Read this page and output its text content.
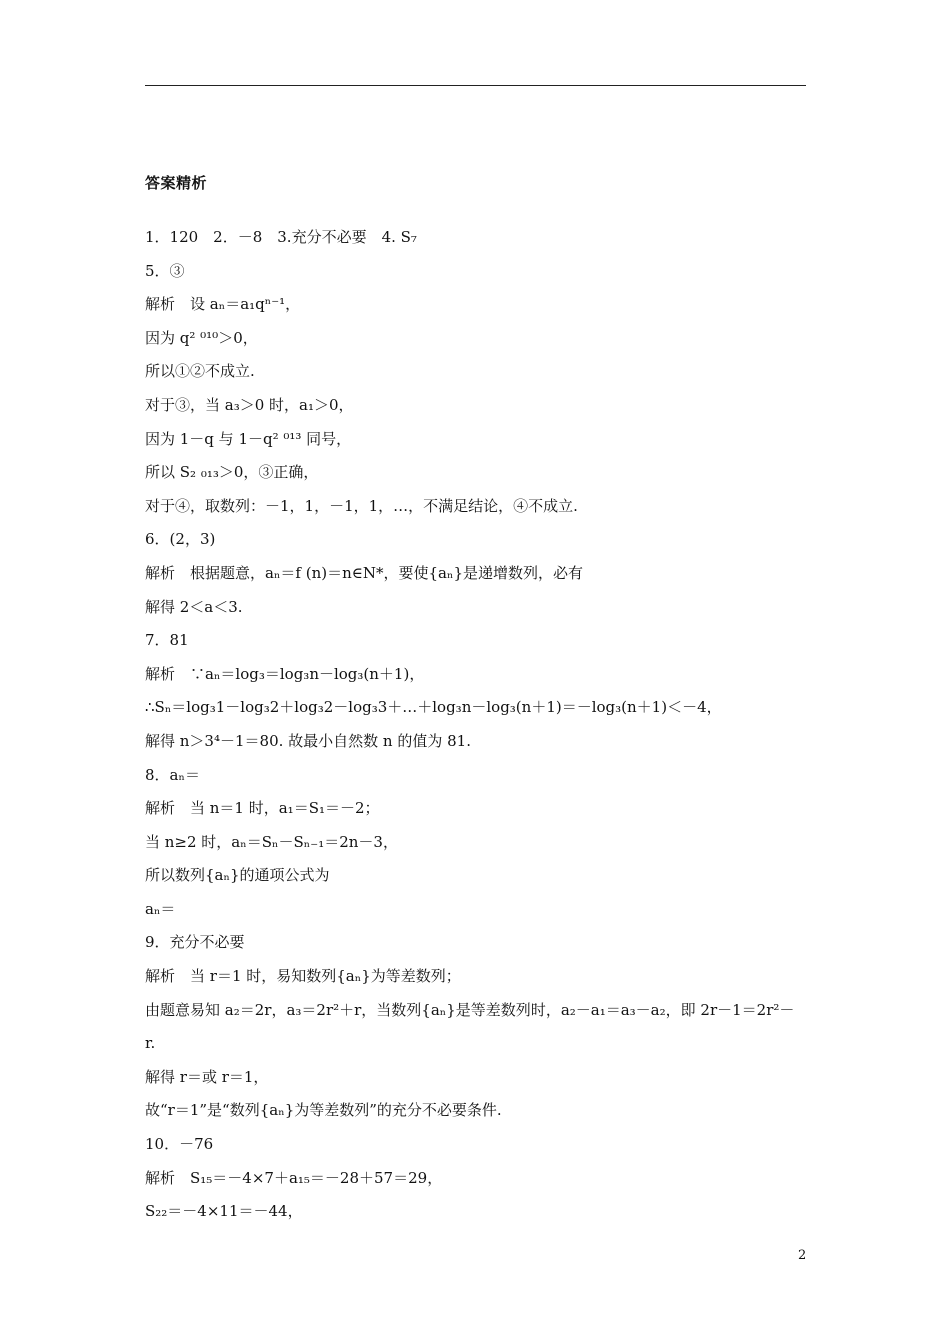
答案精析
1．120　2．－8　3.充分不必要　4. S₇
5．③
解析　设 aₙ＝a₁qⁿ⁻¹，
因为 q² ⁰¹⁰＞0，
所以①②不成立.
对于③，当 a₃＞0 时，a₁＞0，
因为 1－q 与 1－q² ⁰¹³ 同号，
所以 S₂ ₀₁₃＞0，③正确，
对于④，取数列：－1，1，－1，1，…，不满足结论，④不成立.
6．(2，3)
解析　根据题意，aₙ＝f (n)＝n∈N*，要使{aₙ}是递增数列，必有
解得 2＜a＜3.
7．81
解析　∵aₙ＝log₃＝log₃n－log₃(n＋1)，
∴Sₙ＝log₃1－log₃2＋log₃2－log₃3＋…＋log₃n－log₃(n＋1)＝－log₃(n＋1)＜－4，
解得 n＞3⁴－1＝80. 故最小自然数 n 的值为 81.
8．aₙ＝
解析　当 n＝1 时，a₁＝S₁＝－2；
当 n≥2 时，aₙ＝Sₙ－Sₙ₋₁＝2n－3，
所以数列{aₙ}的通项公式为
aₙ＝
9．充分不必要
解析　当 r＝1 时，易知数列{aₙ}为等差数列；
由题意易知 a₂＝2r，a₃＝2r²＋r，当数列{aₙ}是等差数列时，a₂－a₁＝a₃－a₂，即 2r－1＝2r²－
r.
解得 r＝或 r＝1，
故“r＝1”是“数列{aₙ}为等差数列”的充分不必要条件.
10．－76
解析　S₁₅＝－4×7＋a₁₅＝－28＋57＝29，
S₂₂＝－4×11＝－44，
2
